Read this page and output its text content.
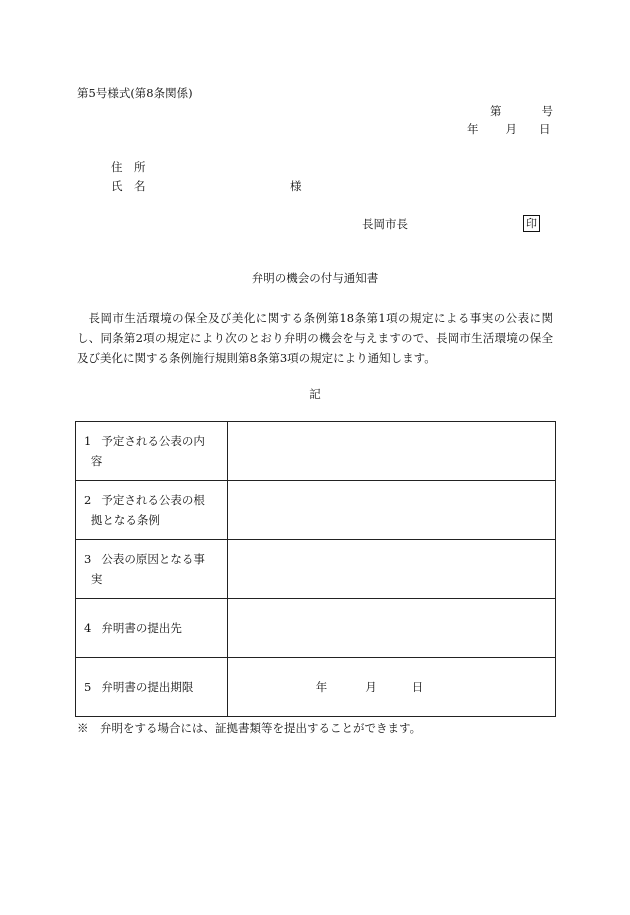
第5号様式(第8条関係)
第	号
年 月 日
住　所
氏　名	様
長岡市長	印
弁明の機会の付与通知書
長岡市生活環境の保全及び美化に関する条例第18条第1項の規定による事実の公表に関し、同条第2項の規定により次のとおり弁明の機会を与えますので、長岡市生活環境の保全及び美化に関する条例施行規則第8条第3項の規定により通知します。
記
1 予定される公表の内
容	

2 予定される公表の根
拠となる条例	

3 公表の原因となる事
実	

4 弁明書の提出先	

5 弁明書の提出期限	年 月 日
※　弁明をする場合には、証拠書類等を提出することができます。
